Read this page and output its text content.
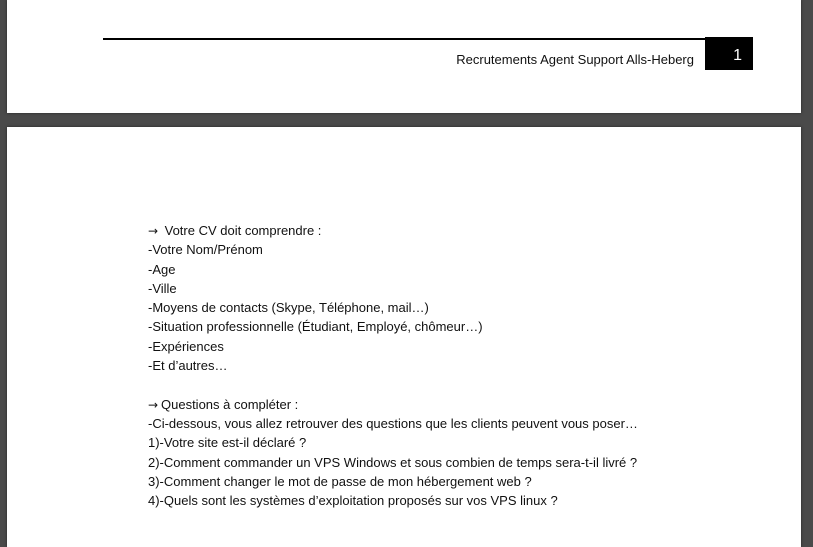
Recrutements Agent Support Alls-Heberg	1
→ Votre CV doit comprendre :
-Votre Nom/Prénom
-Age
-Ville
-Moyens de contacts (Skype, Téléphone, mail…)
-Situation professionnelle (Étudiant, Employé, chômeur…)
-Expériences
-Et d’autres…
→ Questions à compléter :
-Ci-dessous, vous allez retrouver des questions que les clients peuvent vous poser…
1)-Votre site est-il déclaré ?
2)-Comment commander un VPS Windows et sous combien de temps sera-t-il livré ?
3)-Comment changer le mot de passe de mon hébergement web ?
4)-Quels sont les systèmes d’exploitation proposés sur vos VPS linux ?
